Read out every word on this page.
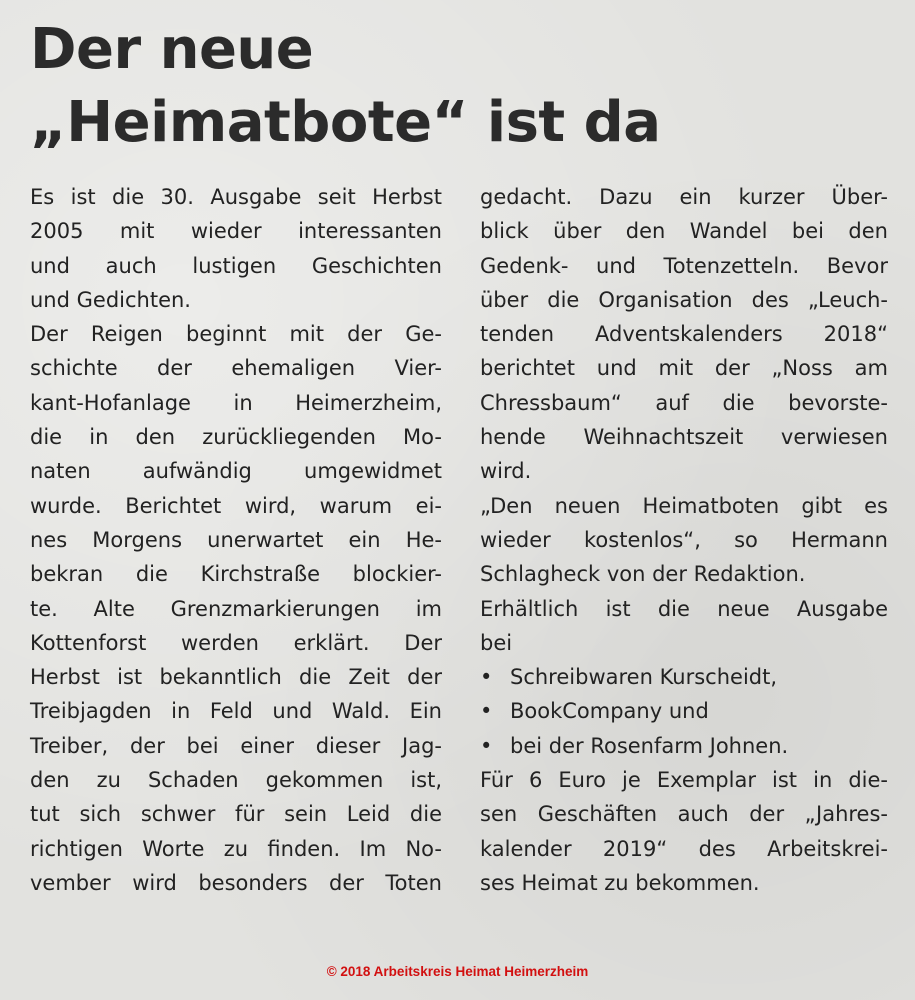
Der neue
„Heimatbote“ ist da
Es ist die 30. Ausgabe seit Herbst
2005 mit wieder interessanten
und auch lustigen Geschichten
und Gedichten.
Der Reigen beginnt mit der Ge-
schichte der ehemaligen Vier-
kant-Hofanlage in Heimerzheim,
die in den zurückliegenden Mo-
naten aufwändig umgewidmet
wurde. Berichtet wird, warum ei-
nes Morgens unerwartet ein He-
bekran die Kirchstraße blockier-
te. Alte Grenzmarkierungen im
Kottenforst werden erklärt. Der
Herbst ist bekanntlich die Zeit der
Treibjagden in Feld und Wald. Ein
Treiber, der bei einer dieser Jag-
den zu Schaden gekommen ist,
tut sich schwer für sein Leid die
richtigen Worte zu finden. Im No-
vember wird besonders der Toten
gedacht. Dazu ein kurzer Über-
blick über den Wandel bei den
Gedenk- und Totenzetteln. Bevor
über die Organisation des „Leuch-
tenden Adventskalenders 2018“
berichtet und mit der „Noss am
Chressbaum“ auf die bevorste-
hende Weihnachtszeit verwiesen
wird.
„Den neuen Heimatboten gibt es
wieder kostenlos“, so Hermann
Schlagheck von der Redaktion.
Erhältlich ist die neue Ausgabe
bei
• Schreibwaren Kurscheidt,
• BookCompany und
• bei der Rosenfarm Johnen.
Für 6 Euro je Exemplar ist in die-
sen Geschäften auch der „Jahres-
kalender 2019“ des Arbeitskrei-
ses Heimat zu bekommen.
© 2018 Arbeitskreis Heimat Heimerzheim
